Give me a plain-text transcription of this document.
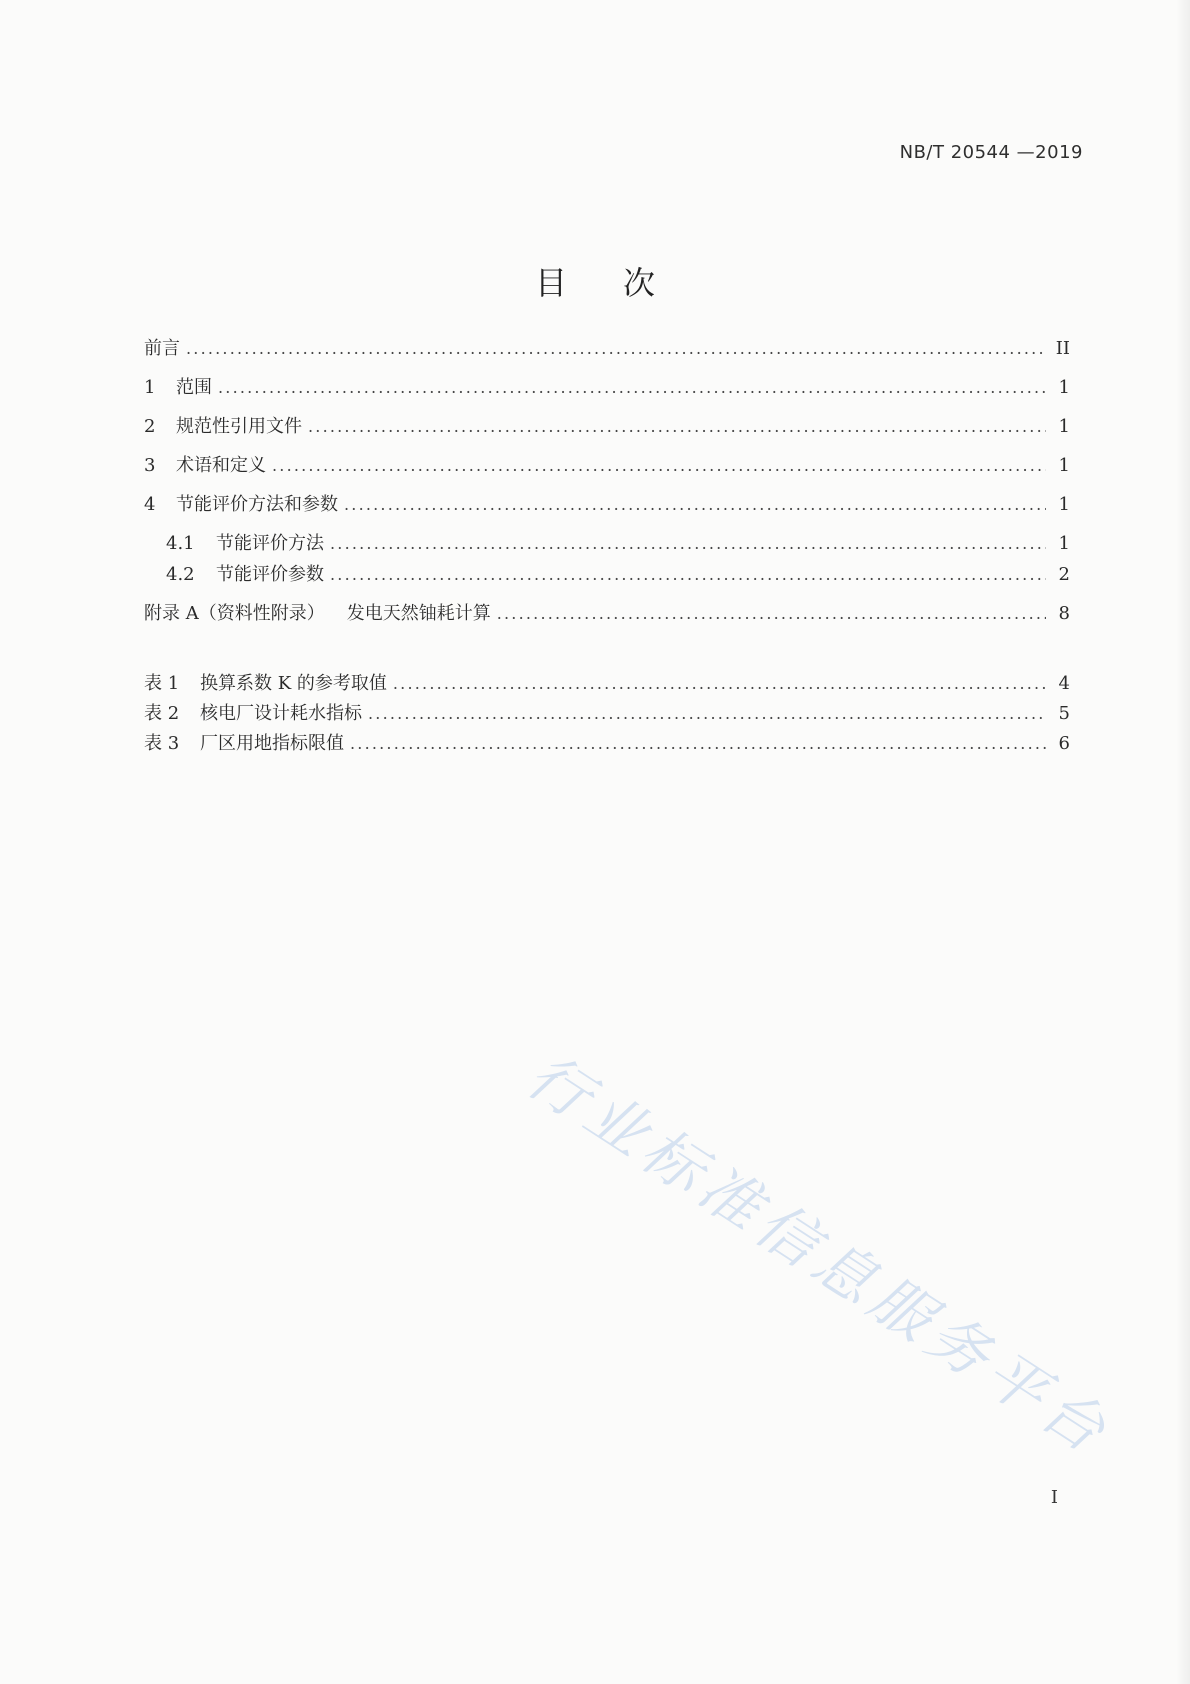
NB/T 20544 —2019
目次
前言 .....	II
1	范围 .....	1
2	规范性引用文件 .....	1
3	术语和定义 .....	1
4	节能评价方法和参数 .....	1
4.1	节能评价方法 .....	1
4.2	节能评价参数 .....	2
附录 A（资料性附录） 发电天然铀耗计算 .....	8
表 1	换算系数 K 的参考取值 .....	4
表 2	核电厂设计耗水指标 .....	5
表 3	厂区用地指标限值 .....	6
行业标准信息服务平台
I
